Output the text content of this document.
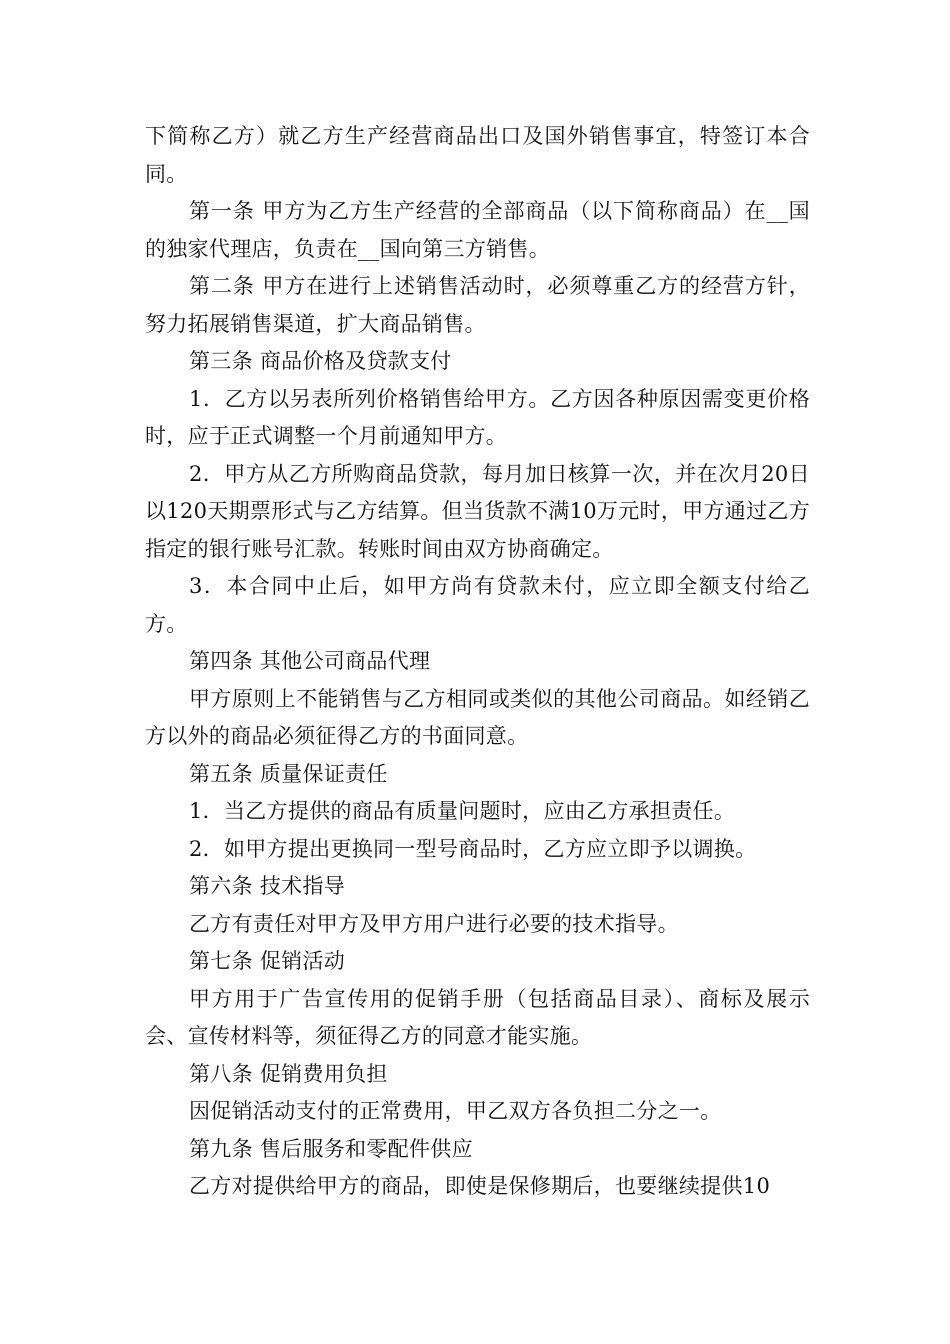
下简称乙方）就乙方生产经营商品出口及国外销售事宜，特签订本合同。

第一条 甲方为乙方生产经营的全部商品（以下简称商品）在__国的独家代理店，负责在__国向第三方销售。

第二条 甲方在进行上述销售活动时，必须尊重乙方的经营方针，努力拓展销售渠道，扩大商品销售。

第三条 商品价格及贷款支付

1．乙方以另表所列价格销售给甲方。乙方因各种原因需变更价格时，应于正式调整一个月前通知甲方。

2．甲方从乙方所购商品贷款，每月加日核算一次，并在次月20日以120天期票形式与乙方结算。但当货款不满10万元时，甲方通过乙方指定的银行账号汇款。转账时间由双方协商确定。

3．本合同中止后，如甲方尚有贷款未付，应立即全额支付给乙方。

第四条 其他公司商品代理

甲方原则上不能销售与乙方相同或类似的其他公司商品。如经销乙方以外的商品必须征得乙方的书面同意。

第五条 质量保证责任

1．当乙方提供的商品有质量问题时，应由乙方承担责任。

2．如甲方提出更换同一型号商品时，乙方应立即予以调换。

第六条 技术指导

乙方有责任对甲方及甲方用户进行必要的技术指导。

第七条 促销活动

甲方用于广告宣传用的促销手册（包括商品目录）、商标及展示会、宣传材料等，须征得乙方的同意才能实施。

第八条 促销费用负担

因促销活动支付的正常费用，甲乙双方各负担二分之一。

第九条 售后服务和零配件供应

乙方对提供给甲方的商品，即使是保修期后，也要继续提供10
